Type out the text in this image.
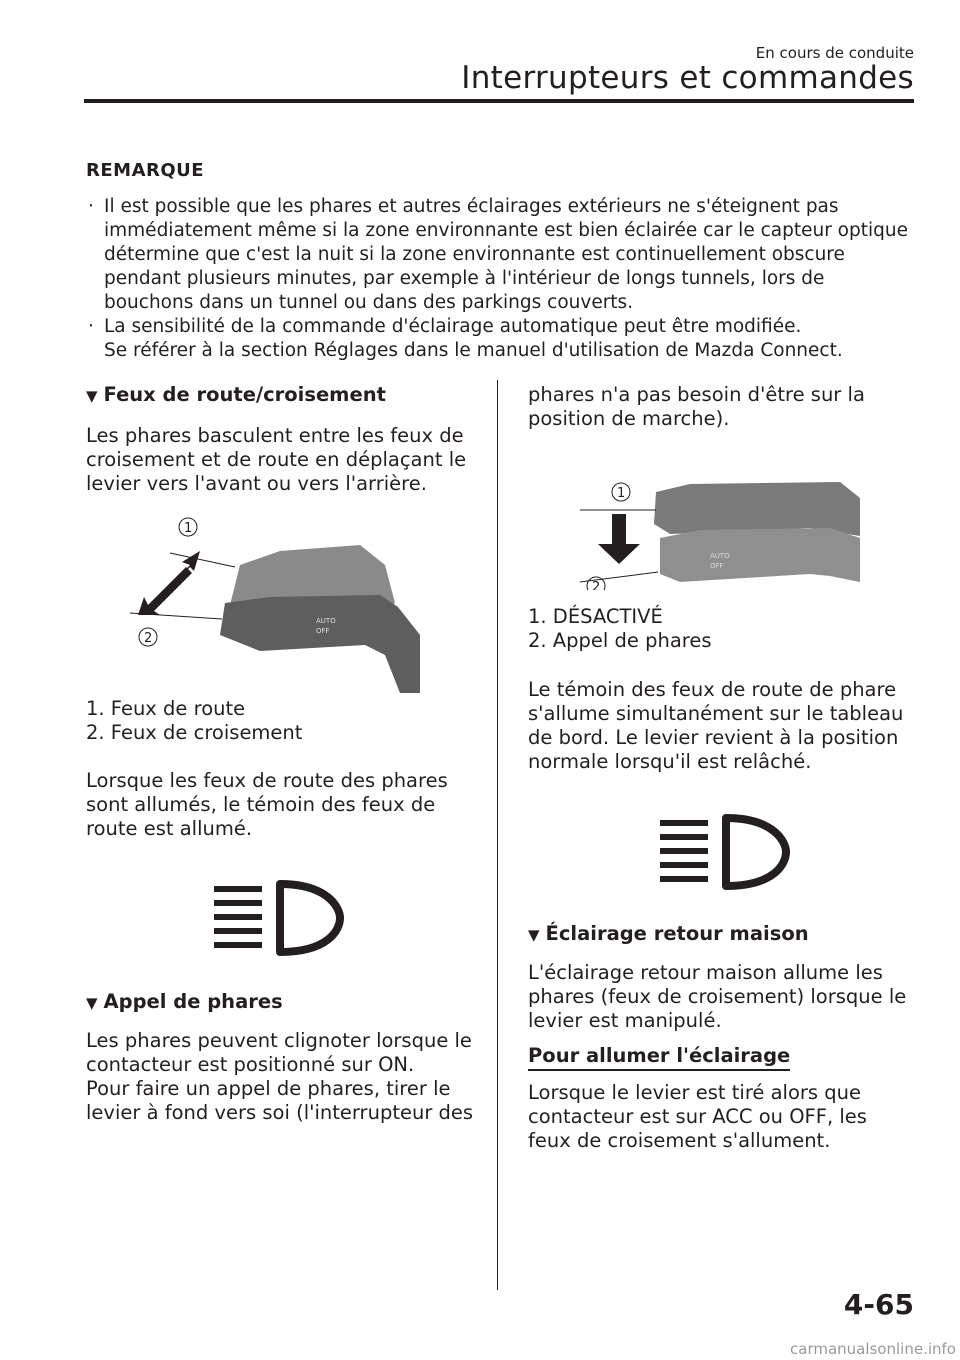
En cours de conduite
Interrupteurs et commandes
REMARQUE

· Il est possible que les phares et autres éclairages extérieurs ne s'éteignent pas immédiatement même si la zone environnante est bien éclairée car le capteur optique détermine que c'est la nuit si la zone environnante est continuellement obscure pendant plusieurs minutes, par exemple à l'intérieur de longs tunnels, lors de bouchons dans un tunnel ou dans des parkings couverts.

· La sensibilité de la commande d'éclairage automatique peut être modifiée.
Se référer à la section Réglages dans le manuel d'utilisation de Mazda Connect.

▼ Feux de route/croisement

Les phares basculent entre les feux de croisement et de route en déplaçant le levier vers l'avant ou vers l'arrière.

AUTO
OFF
1
2
1. Feux de route
2. Feux de croisement

Lorsque les feux de route des phares sont allumés, le témoin des feux de route est allumé.

▼ Appel de phares

Les phares peuvent clignoter lorsque le contacteur est positionné sur ON.

Pour faire un appel de phares, tirer le levier à fond vers soi (l'interrupteur des

phares n'a pas besoin d'être sur la position de marche).

AUTO
OFF
1
2
1. DÉSACTIVÉ
2. Appel de phares

Le témoin des feux de route de phare s'allume simultanément sur le tableau de bord. Le levier revient à la position normale lorsqu'il est relâché.

▼ Éclairage retour maison

L'éclairage retour maison allume les phares (feux de croisement) lorsque le levier est manipulé.

Pour allumer l'éclairage

Lorsque le levier est tiré alors que contacteur est sur ACC ou OFF, les feux de croisement s'allument.

4-65
carmanualsonline.info
